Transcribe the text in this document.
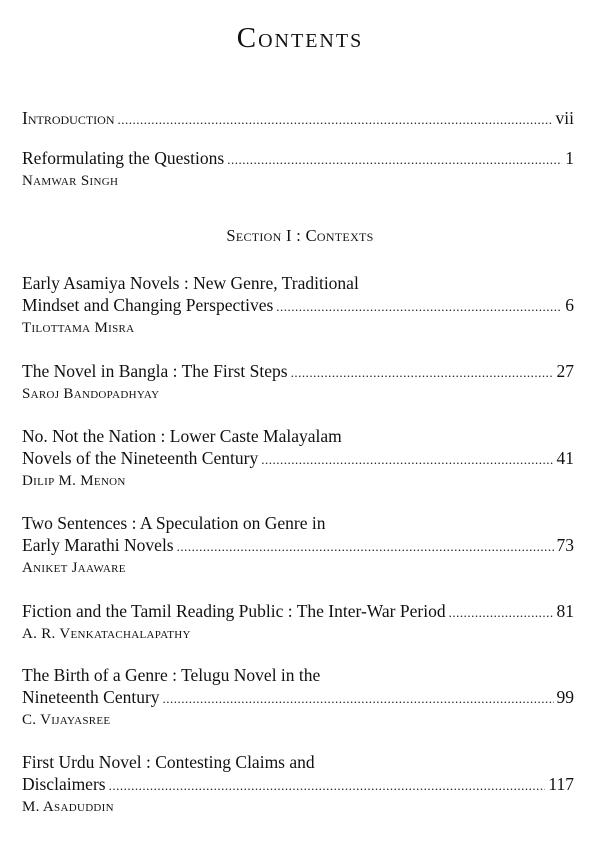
Contents
Introduction .....	vii
Reformulating the Questions .....	1
Namwar Singh
Section I : Contexts
Early Asamiya Novels : New Genre, Traditional
Mindset and Changing Perspectives .....	6
Tilottama Misra
The Novel in Bangla : The First Steps .....	27
Saroj Bandopadhyay
No. Not the Nation : Lower Caste Malayalam
Novels of the Nineteenth Century .....	41
Dilip M. Menon
Two Sentences : A Speculation on Genre in
Early Marathi Novels .....	73
Aniket Jaaware
Fiction and the Tamil Reading Public : The Inter-War Period .....	81
A. R. Venkatachalapathy
The Birth of a Genre : Telugu Novel in the
Nineteenth Century .....	99
C. Vijayasree
First Urdu Novel : Contesting Claims and
Disclaimers .....	117
M. Asaduddin
